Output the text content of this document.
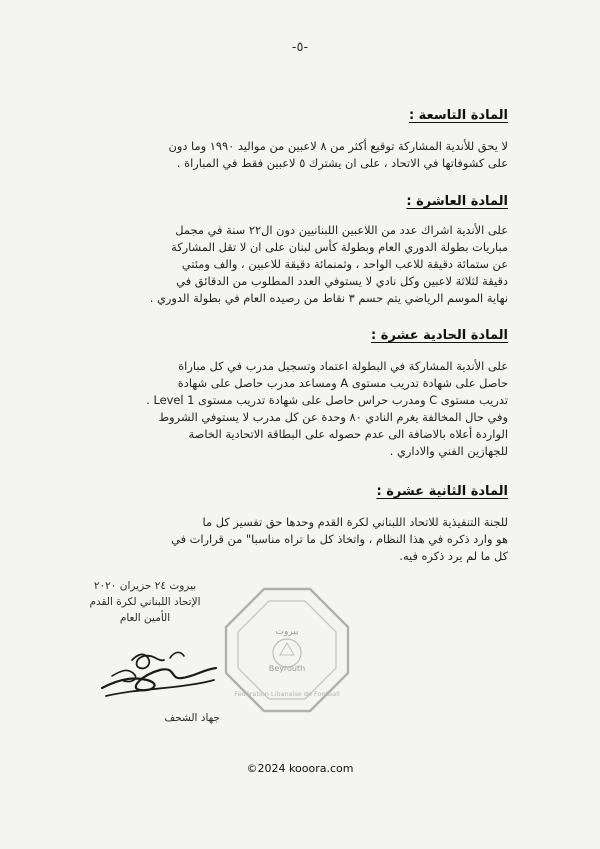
-٥-
المادة التاسعة :

لا يحق للأندية المشاركة توقيع أكثر من ٨ لاعبين من مواليد ١٩٩٠ وما دون

على كشوفاتها في الاتحاد ، على ان يشترك ٥ لاعبين فقط في المباراة .

المادة العاشرة :

على الأندية اشراك عدد من اللاعبين اللبنانيين دون ال٢٢ سنة في مجمل

مباريات بطولة الدوري العام وبطولة كأس لبنان على ان لا تقل المشاركة

عن ستمائة دقيقة للاعب الواحد ، وثمنمائة دقيقة للاعبين ، والف ومئتي

دقيقة لثلاثة لاعبين وكل نادي لا يستوفي العدد المطلوب من الدقائق في

نهاية الموسم الرياضي يتم حسم ٣ نقاط من رصيده العام في بطولة الدوري .

المادة الحادية عشرة :

على الأندية المشاركة في البطولة اعتماد وتسجيل مدرب في كل مباراة

حاصل على شهادة تدريب مستوى A ومساعد مدرب حاصل على شهادة

تدريب مستوى C ومدرب حراس حاصل على شهادة تدريب مستوى Level 1 .

وفي حال المخالفة يغرم النادي ٨٠ وحدة عن كل مدرب لا يستوفي الشروط

الواردة أعلاه بالاضافة الى عدم حصوله على البطاقة الاتحادية الخاصة

للجهازين الفني والاداري .

المادة الثانية عشرة :

للجنة التنفيذية للاتحاد اللبناني لكرة القدم وحدها حق تفسير كل ما

هو وارد ذكره في هذا النظام ، واتخاذ كل ما تراه مناسبا" من قرارات في

كل ما لم يرد ذكره فيه.

بيروت ٢٤ حزيران ٢٠٢٠
الإتحاد اللبناني لكرة القدم
الأمين العام
بيروت
Beyrouth
Fédération Libanaise de Football
جهاد الشحف
©2024 kooora.com
